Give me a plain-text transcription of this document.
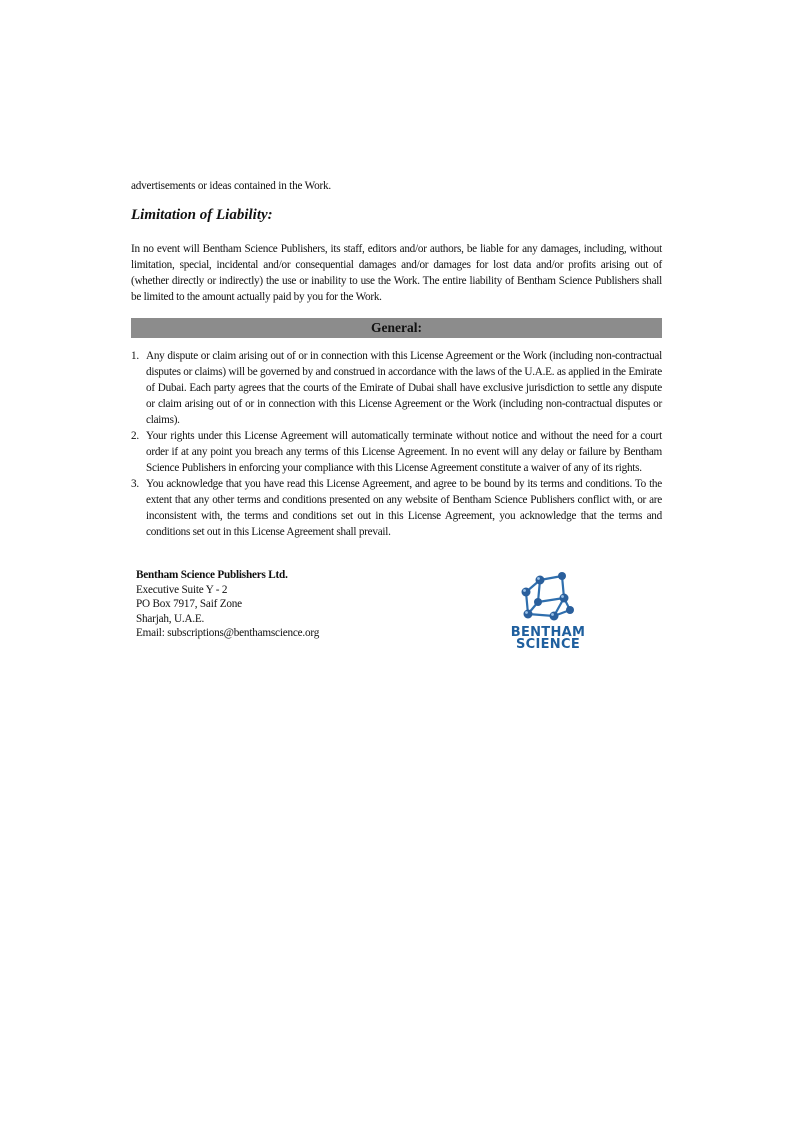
advertisements or ideas contained in the Work.
Limitation of Liability:
In no event will Bentham Science Publishers, its staff, editors and/or authors, be liable for any damages, including, without limitation, special, incidental and/or consequential damages and/or damages for lost data and/or profits arising out of (whether directly or indirectly) the use or inability to use the Work. The entire liability of Bentham Science Publishers shall be limited to the amount actually paid by you for the Work.
General:
1. Any dispute or claim arising out of or in connection with this License Agreement or the Work (including non-contractual disputes or claims) will be governed by and construed in accordance with the laws of the U.A.E. as applied in the Emirate of Dubai. Each party agrees that the courts of the Emirate of Dubai shall have exclusive jurisdiction to settle any dispute or claim arising out of or in connection with this License Agreement or the Work (including non-contractual disputes or claims).
2. Your rights under this License Agreement will automatically terminate without notice and without the need for a court order if at any point you breach any terms of this License Agreement. In no event will any delay or failure by Bentham Science Publishers in enforcing your compliance with this License Agreement constitute a waiver of any of its rights.
3. You acknowledge that you have read this License Agreement, and agree to be bound by its terms and conditions. To the extent that any other terms and conditions presented on any website of Bentham Science Publishers conflict with, or are inconsistent with, the terms and conditions set out in this License Agreement, you acknowledge that the terms and conditions set out in this License Agreement shall prevail.
Bentham Science Publishers Ltd.
Executive Suite Y - 2
PO Box 7917, Saif Zone
Sharjah, U.A.E.
Email: subscriptions@benthamscience.org	BENTHAM
SCIENCE
